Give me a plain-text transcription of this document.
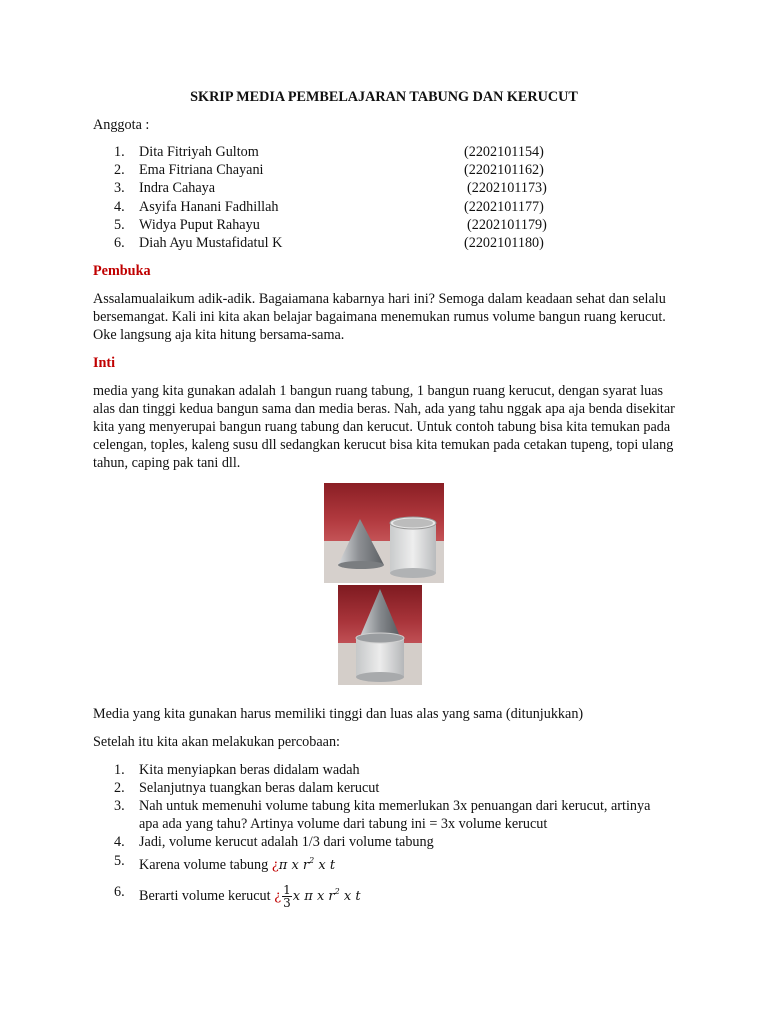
SKRIP MEDIA PEMBELAJARAN TABUNG DAN KERUCUT
Anggota :
1. Dita Fitriyah Gultom	(2202101154)
2. Ema Fitriana Chayani	(2202101162)
3. Indra Cahaya	(2202101173)
4. Asyifa Hanani Fadhillah	(2202101177)
5. Widya Puput Rahayu	(2202101179)
6. Diah Ayu Mustafidatul K	(2202101180)
Pembuka
Assalamualaikum adik-adik. Bagaiamana kabarnya hari ini? Semoga dalam keadaan sehat dan selalu bersemangat. Kali ini kita akan belajar bagaimana menemukan rumus volume bangun ruang kerucut. Oke langsung aja kita hitung bersama-sama.
Inti
media yang kita gunakan adalah 1 bangun ruang tabung, 1 bangun ruang kerucut, dengan syarat luas alas dan tinggi kedua bangun sama dan media beras. Nah, ada yang tahu nggak apa aja benda disekitar kita yang menyerupai bangun ruang tabung dan kerucut. Untuk contoh tabung bisa kita temukan pada celengan, toples, kaleng susu dll sedangkan kerucut bisa kita temukan pada cetakan tupeng, topi ulang tahun, caping pak tani dll.
Media yang kita gunakan harus memiliki tinggi dan luas alas yang sama (ditunjukkan)
Setelah itu kita akan melakukan percobaan:
1. Kita menyiapkan beras didalam wadah
2. Selanjutnya tuangkan beras dalam kerucut
3. Nah untuk memenuhi volume tabung kita memerlukan 3x penuangan dari kerucut, artinya apa ada yang tahu? Artinya volume dari tabung ini = 3x volume kerucut
4. Jadi, volume kerucut adalah 1/3 dari volume tabung
5. Karena volume tabung ¿π x $r^2$ x t
6. Berarti volume kerucut ¿ $\frac{1}{3}$ x π x $r^2$ x t
